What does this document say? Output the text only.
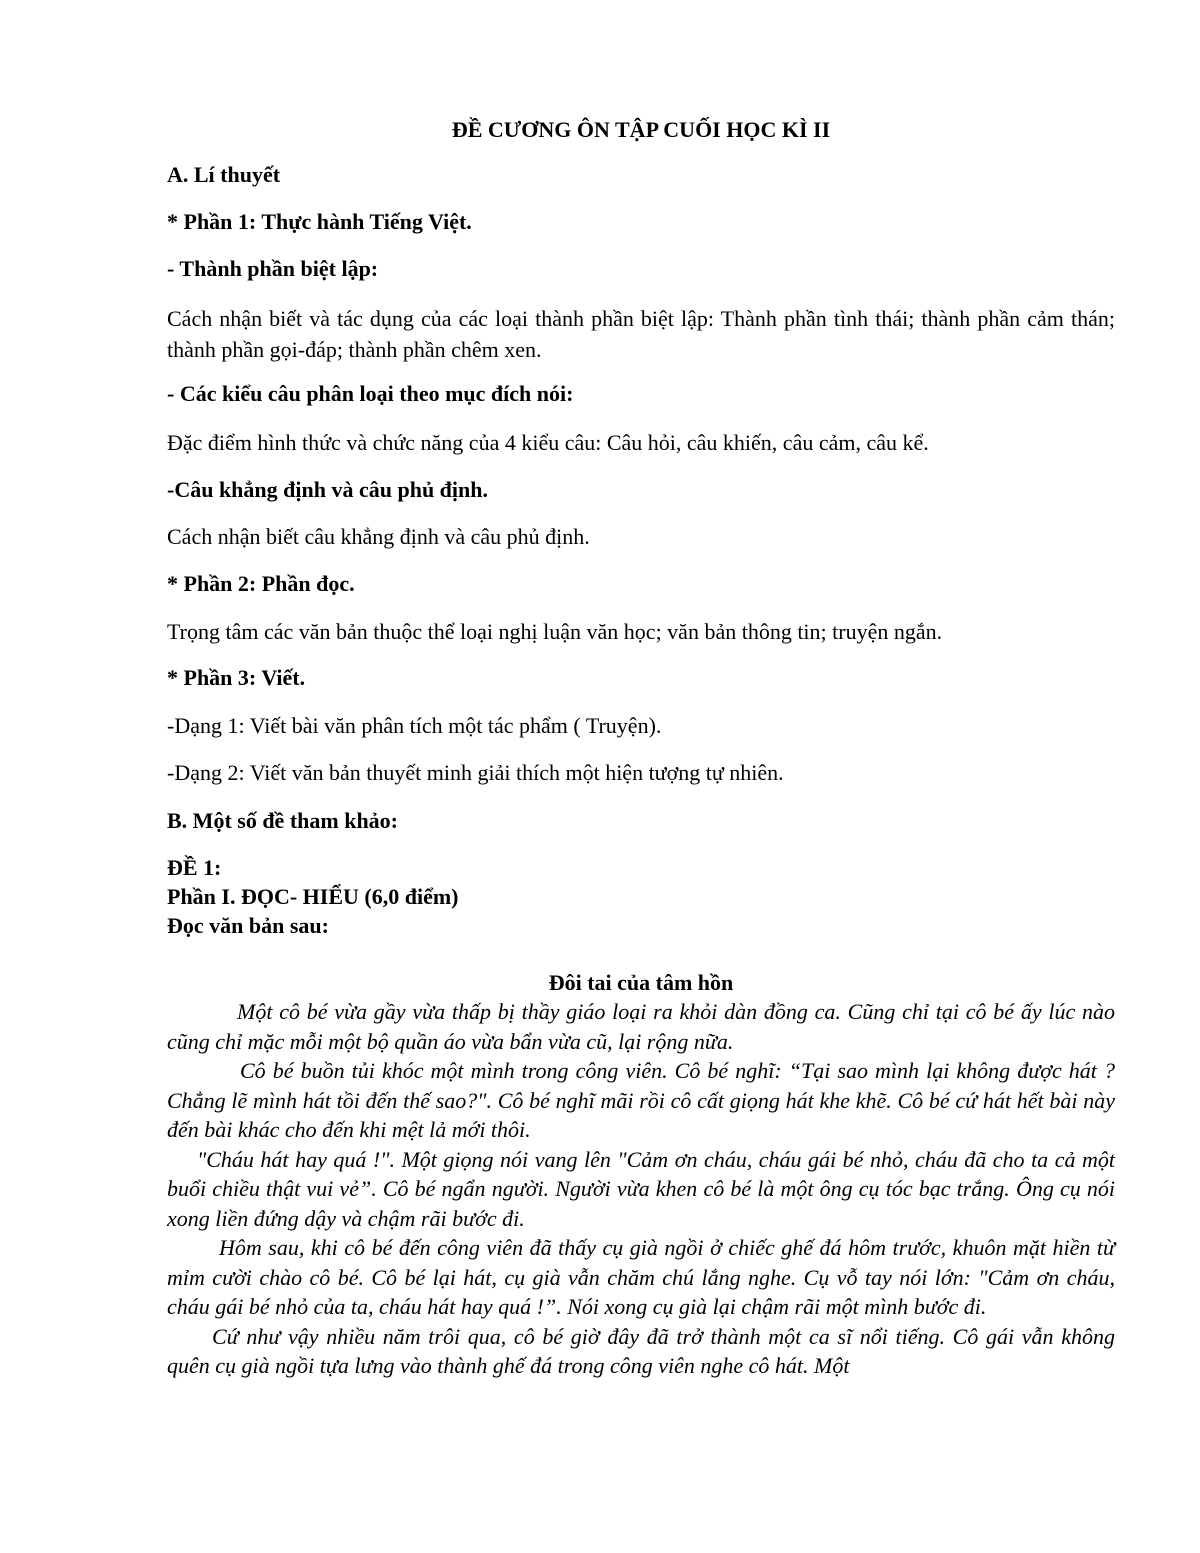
ĐỀ CƯƠNG ÔN TẬP CUỐI HỌC KÌ II
A. Lí thuyết
* Phần 1: Thực hành Tiếng Việt.
- Thành phần biệt lập:
Cách nhận biết và tác dụng của các loại thành phần biệt lập: Thành phần tình thái; thành phần cảm thán; thành phần gọi-đáp; thành phần chêm xen.
- Các kiểu câu phân loại theo mục đích nói:
Đặc điểm hình thức và chức năng của 4 kiểu câu: Câu hỏi, câu khiến, câu cảm, câu kể.
-Câu khẳng định và câu phủ định.
Cách nhận biết câu khẳng định và câu phủ định.
* Phần 2: Phần đọc.
Trọng tâm các văn bản thuộc thể loại nghị luận văn học; văn bản thông tin; truyện ngắn.
* Phần 3: Viết.
-Dạng 1: Viết bài văn phân tích một tác phẩm ( Truyện).
-Dạng 2: Viết văn bản thuyết minh giải thích một hiện tượng tự nhiên.
B. Một số đề tham khảo:
ĐỀ 1:
Phần I. ĐỌC- HIỂU (6,0 điểm)
Đọc văn bản sau:
Đôi tai của tâm hồn

Một cô bé vừa gầy vừa thấp bị thầy giáo loại ra khỏi dàn đồng ca. Cũng chỉ tại cô bé ấy lúc nào cũng chỉ mặc mỗi một bộ quần áo vừa bẩn vừa cũ, lại rộng nữa.

Cô bé buồn tủi khóc một mình trong công viên. Cô bé nghĩ: “Tại sao mình lại không được hát ? Chẳng lẽ mình hát tồi đến thế sao?". Cô bé nghĩ mãi rồi cô cất giọng hát khe khẽ. Cô bé cứ hát hết bài này đến bài khác cho đến khi mệt lả mới thôi.

"Cháu hát hay quá !". Một giọng nói vang lên "Cảm ơn cháu, cháu gái bé nhỏ, cháu đã cho ta cả một buổi chiều thật vui vẻ”. Cô bé ngẩn người. Người vừa khen cô bé là một ông cụ tóc bạc trắng. Ông cụ nói xong liền đứng dậy và chậm rãi bước đi.

Hôm sau, khi cô bé đến công viên đã thấy cụ già ngồi ở chiếc ghế đá hôm trước, khuôn mặt hiền từ mỉm cười chào cô bé. Cô bé lại hát, cụ già vẫn chăm chú lắng nghe. Cụ vỗ tay nói lớn: "Cảm ơn cháu, cháu gái bé nhỏ của ta, cháu hát hay quá !”. Nói xong cụ già lại chậm rãi một mình bước đi.

Cứ như vậy nhiều năm trôi qua, cô bé giờ đây đã trở thành một ca sĩ nổi tiếng. Cô gái vẫn không quên cụ già ngồi tựa lưng vào thành ghế đá trong công viên nghe cô hát. Một
